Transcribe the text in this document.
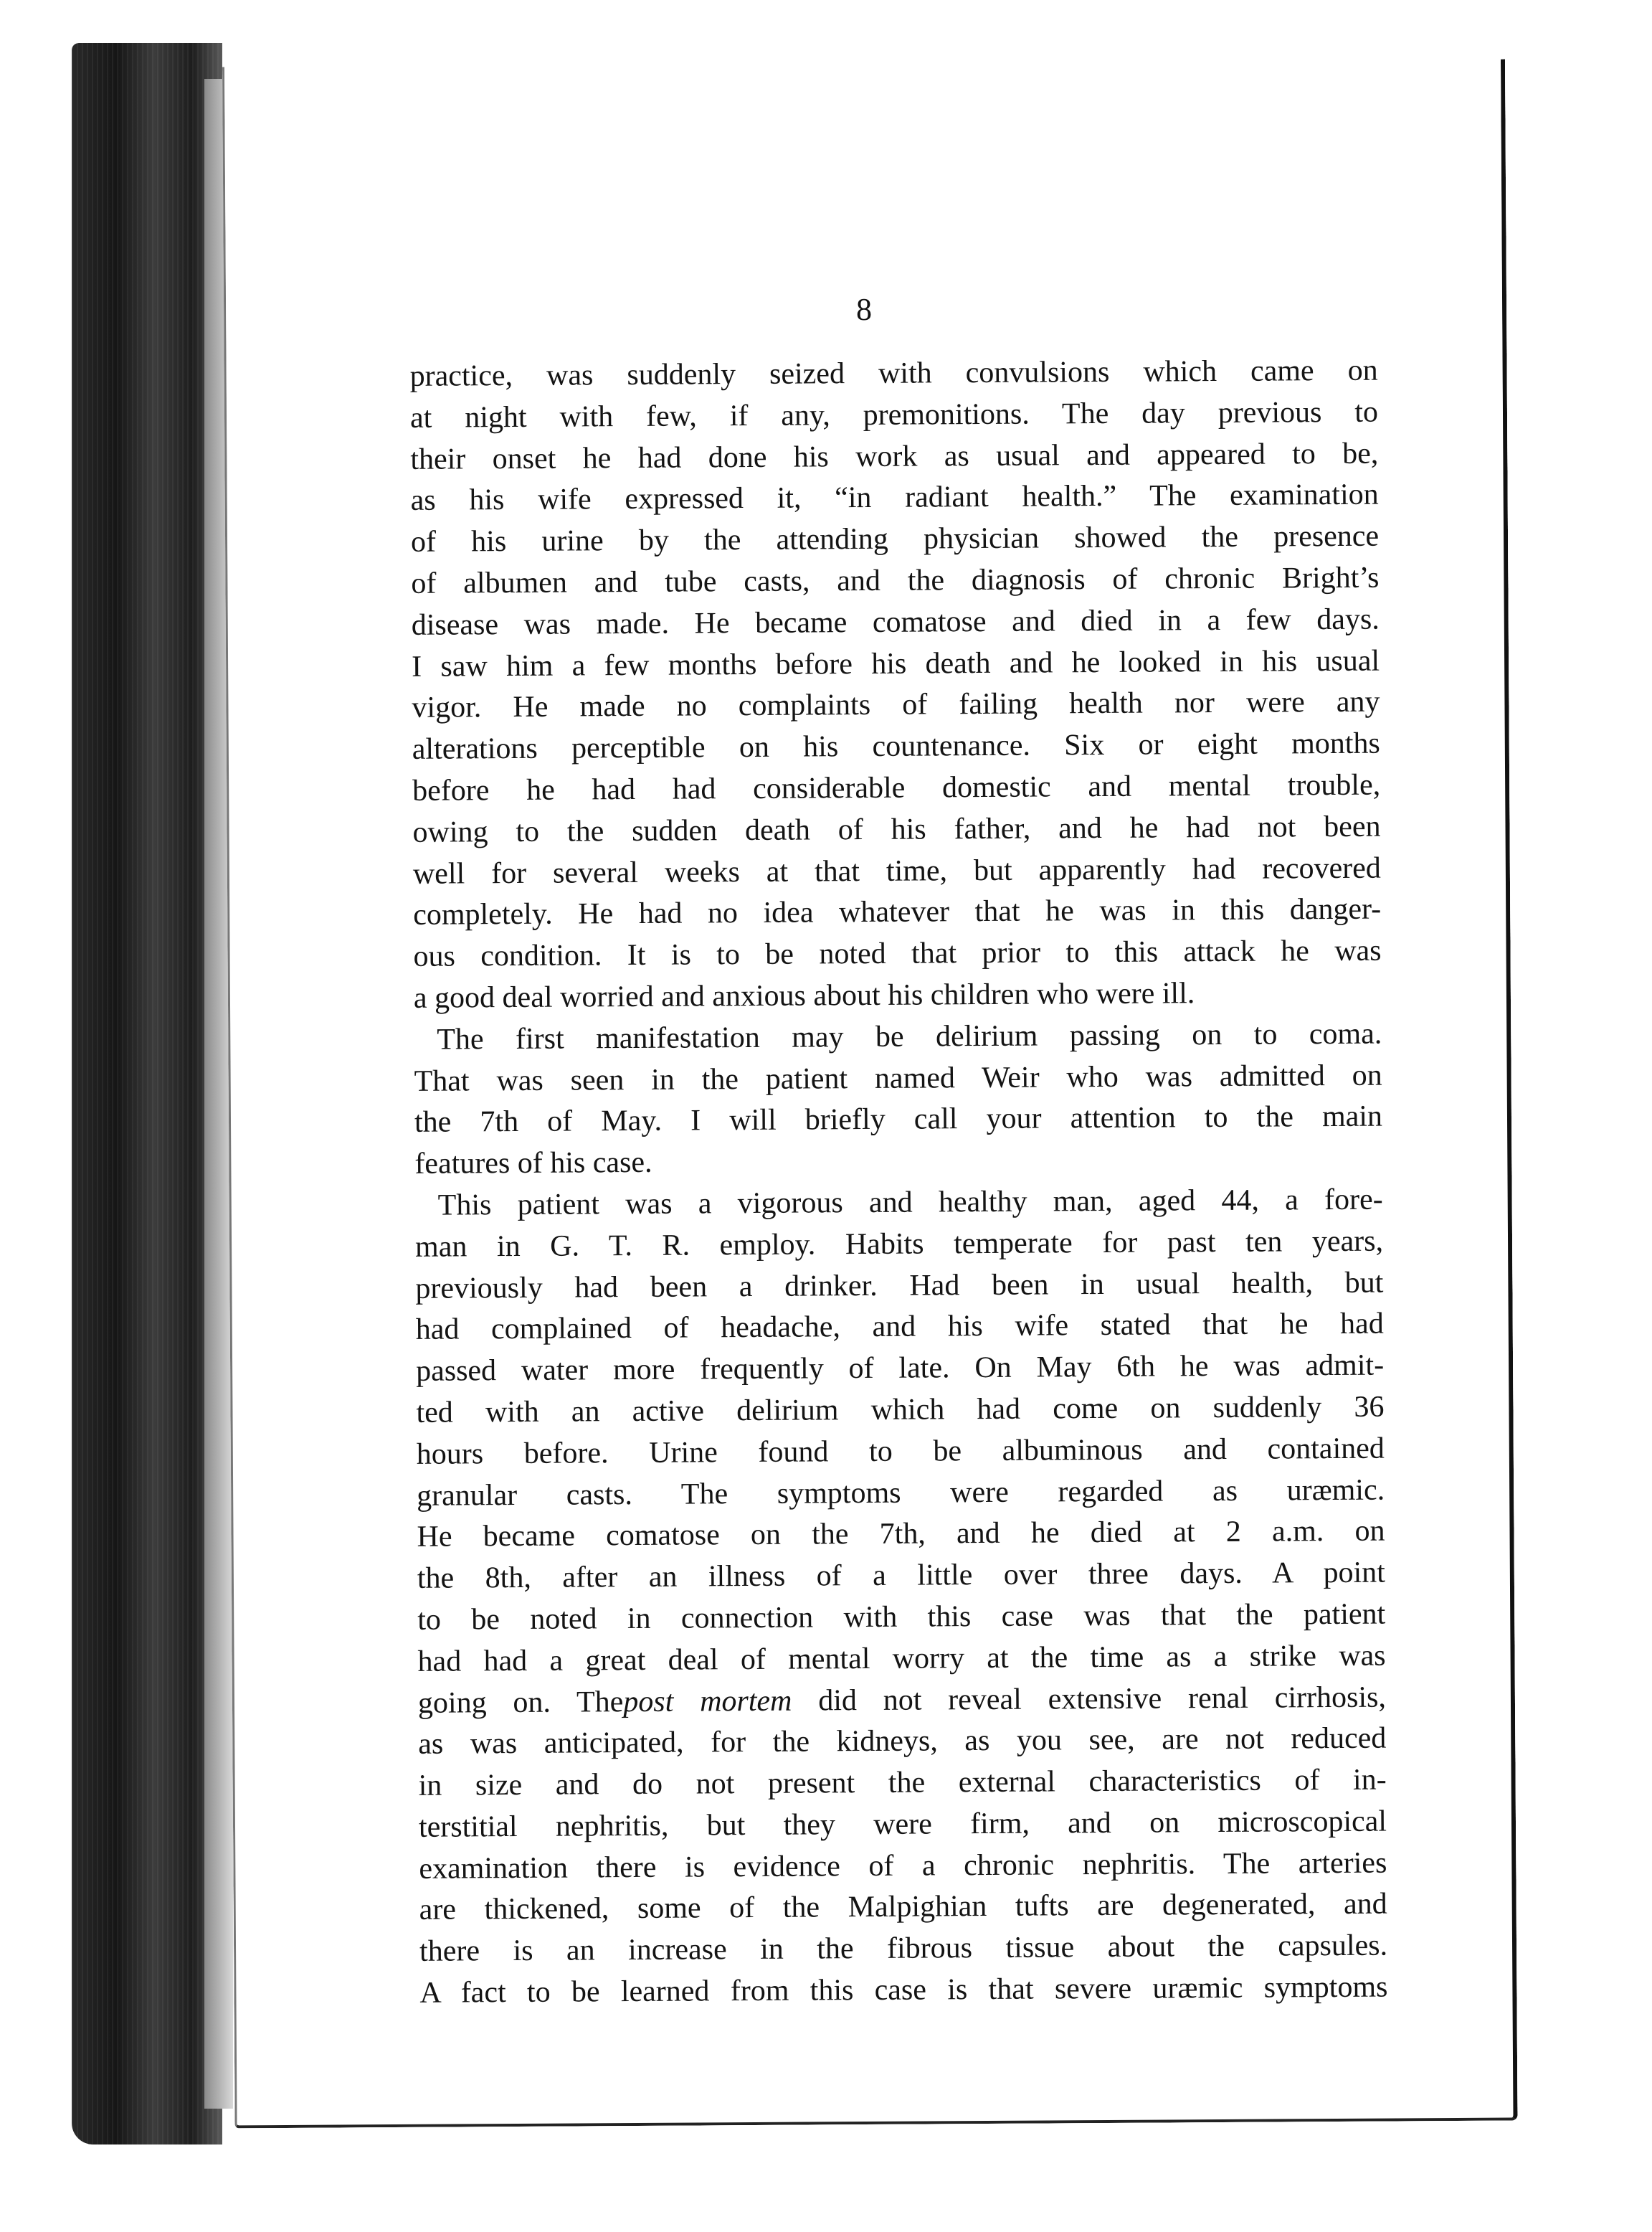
8
practice, was suddenly seized with convulsions which came on
at night with few, if any, premonitions. The day previous to
their onset he had done his work as usual and appeared to be,
as his wife expressed it, “in radiant health.” The examination
of his urine by the attending physician showed the presence
of albumen and tube casts, and the diagnosis of chronic Bright’s
disease was made. He became comatose and died in a few days.
I saw him a few months before his death and he looked in his usual
vigor. He made no complaints of failing health nor were any
alterations perceptible on his countenance. Six or eight months
before he had had considerable domestic and mental trouble,
owing to the sudden death of his father, and he had not been
well for several weeks at that time, but apparently had recovered
completely. He had no idea whatever that he was in this danger-
ous condition. It is to be noted that prior to this attack he was
a good deal worried and anxious about his children who were ill.
The first manifestation may be delirium passing on to coma.
That was seen in the patient named Weir who was admitted on
the 7th of May. I will briefly call your attention to the main
features of his case.
This patient was a vigorous and healthy man, aged 44, a fore-
man in G. T. R. employ. Habits temperate for past ten years,
previously had been a drinker. Had been in usual health, but
had complained of headache, and his wife stated that he had
passed water more frequently of late. On May 6th he was admit-
ted with an active delirium which had come on suddenly 36
hours before. Urine found to be albuminous and contained
granular casts. The symptoms were regarded as uræmic.
He became comatose on the 7th, and he died at 2 a.m. on
the 8th, after an illness of a little over three days. A point
to be noted in connection with this case was that the patient
had had a great deal of mental worry at the time as a strike was
going on. Thepost mortem did not reveal extensive renal cirrhosis,
as was anticipated, for the kidneys, as you see, are not reduced
in size and do not present the external characteristics of in-
terstitial nephritis, but they were firm, and on microscopical
examination there is evidence of a chronic nephritis. The arteries
are thickened, some of the Malpighian tufts are degenerated, and
there is an increase in the fibrous tissue about the capsules.
A fact to be learned from this case is that severe uræmic symptoms
